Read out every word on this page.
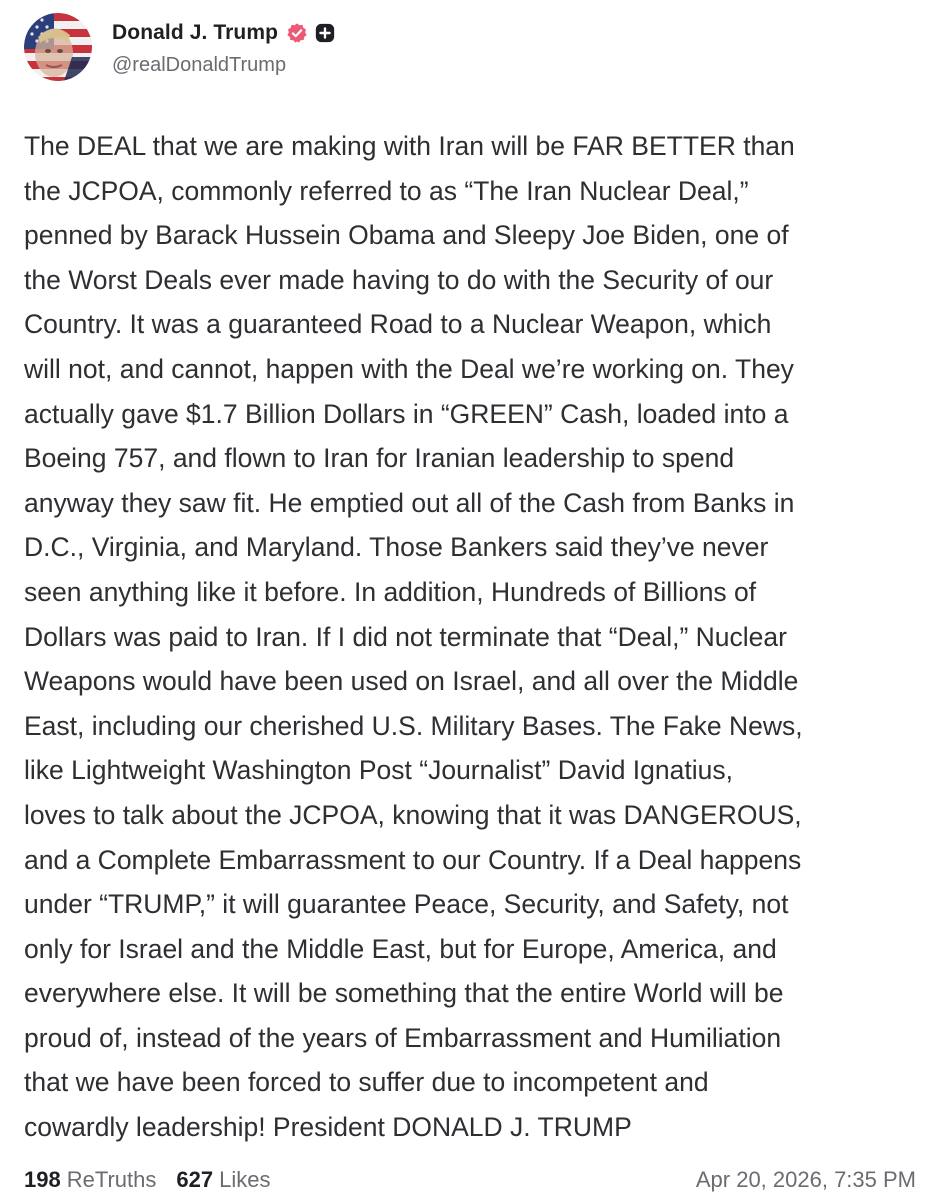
Donald J. Trump
@realDonaldTrump
The DEAL that we are making with Iran will be FAR BETTER than
the JCPOA, commonly referred to as “The Iran Nuclear Deal,”
penned by Barack Hussein Obama and Sleepy Joe Biden, one of
the Worst Deals ever made having to do with the Security of our
Country. It was a guaranteed Road to a Nuclear Weapon, which
will not, and cannot, happen with the Deal we’re working on. They
actually gave $1.7 Billion Dollars in “GREEN” Cash, loaded into a
Boeing 757, and flown to Iran for Iranian leadership to spend
anyway they saw fit. He emptied out all of the Cash from Banks in
D.C., Virginia, and Maryland. Those Bankers said they’ve never
seen anything like it before. In addition, Hundreds of Billions of
Dollars was paid to Iran. If I did not terminate that “Deal,” Nuclear
Weapons would have been used on Israel, and all over the Middle
East, including our cherished U.S. Military Bases. The Fake News,
like Lightweight Washington Post “Journalist” David Ignatius,
loves to talk about the JCPOA, knowing that it was DANGEROUS,
and a Complete Embarrassment to our Country. If a Deal happens
under “TRUMP,” it will guarantee Peace, Security, and Safety, not
only for Israel and the Middle East, but for Europe, America, and
everywhere else. It will be something that the entire World will be
proud of, instead of the years of Embarrassment and Humiliation
that we have been forced to suffer due to incompetent and
cowardly leadership! President DONALD J. TRUMP
198 ReTruths 627 Likes	Apr 20, 2026, 7:35 PM
